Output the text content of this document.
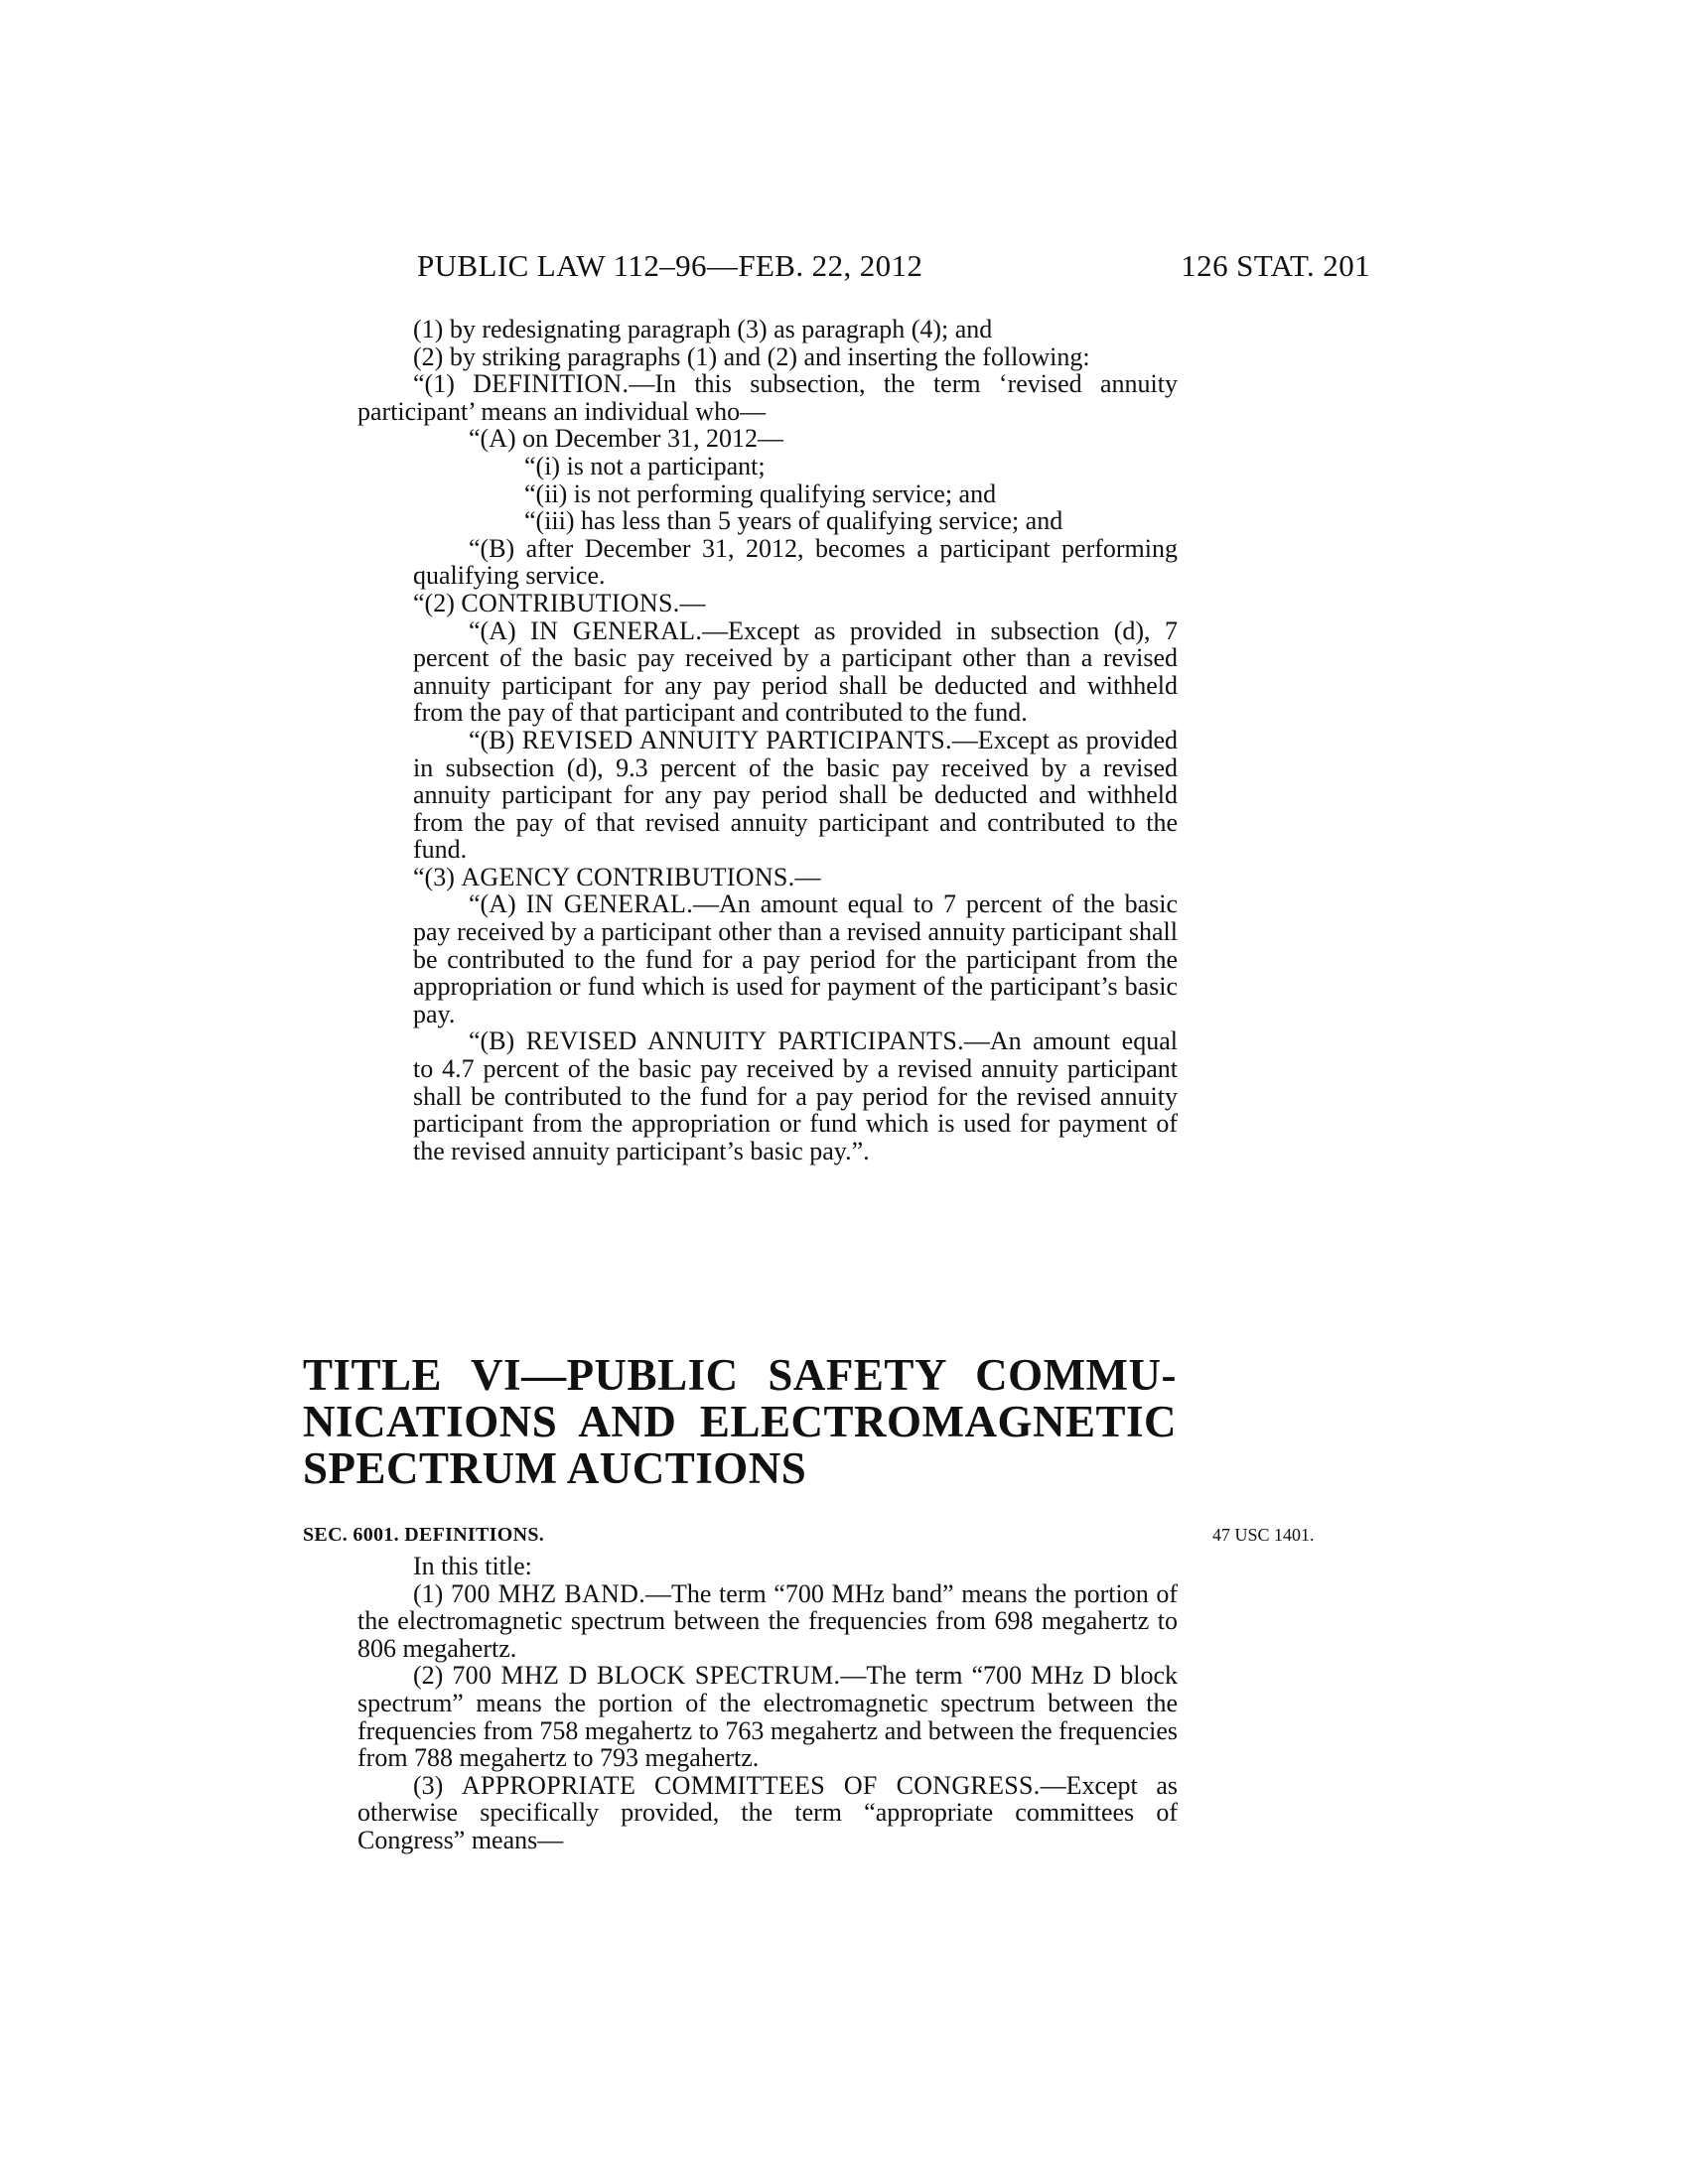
PUBLIC LAW 112–96—FEB. 22, 2012	126 STAT. 201

(1) by redesignating paragraph (3) as paragraph (4); and

(2) by striking paragraphs (1) and (2) and inserting the following:

“(1) DEFINITION.—In this subsection, the term ‘revised annuity participant’ means an individual who—

“(A) on December 31, 2012—

“(i) is not a participant;

“(ii) is not performing qualifying service; and

“(iii) has less than 5 years of qualifying service; and

“(B) after December 31, 2012, becomes a participant performing qualifying service.

“(2) CONTRIBUTIONS.—

“(A) IN GENERAL.—Except as provided in subsection (d), 7 percent of the basic pay received by a participant other than a revised annuity participant for any pay period shall be deducted and withheld from the pay of that participant and contributed to the fund.

“(B) REVISED ANNUITY PARTICIPANTS.—Except as provided in subsection (d), 9.3 percent of the basic pay received by a revised annuity participant for any pay period shall be deducted and withheld from the pay of that revised annuity participant and contributed to the fund.

“(3) AGENCY CONTRIBUTIONS.—

“(A) IN GENERAL.—An amount equal to 7 percent of the basic pay received by a participant other than a revised annuity participant shall be contributed to the fund for a pay period for the participant from the appropriation or fund which is used for payment of the participant’s basic pay.

“(B) REVISED ANNUITY PARTICIPANTS.—An amount equal to 4.7 percent of the basic pay received by a revised annuity participant shall be contributed to the fund for a pay period for the revised annuity participant from the appropriation or fund which is used for payment of the revised annuity participant’s basic pay.”.

TITLE VI—PUBLIC SAFETY COMMU-
NICATIONS AND ELECTROMAGNETIC
SPECTRUM AUCTIONS
SEC. 6001. DEFINITIONS.	47 USC 1401.

In this title:

(1) 700 MHZ BAND.—The term “700 MHz band” means the portion of the electromagnetic spectrum between the frequencies from 698 megahertz to 806 megahertz.

(2) 700 MHZ D BLOCK SPECTRUM.—The term “700 MHz D block spectrum” means the portion of the electromagnetic spectrum between the frequencies from 758 megahertz to 763 megahertz and between the frequencies from 788 megahertz to 793 megahertz.

(3) APPROPRIATE COMMITTEES OF CONGRESS.—Except as otherwise specifically provided, the term “appropriate committees of Congress” means—
